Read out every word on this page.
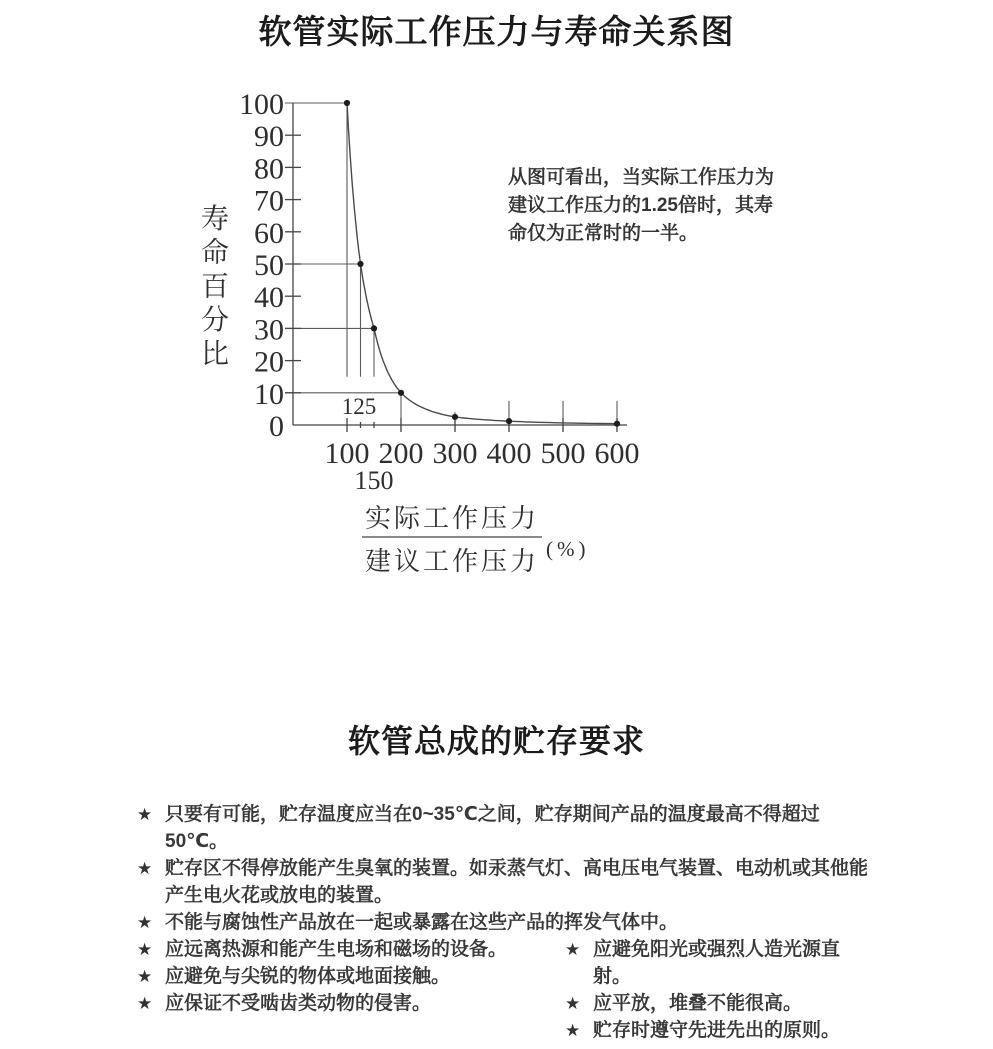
软管实际工作压力与寿命关系图
0
10
20
30
40
50
60
70
80
90
100
100 200 300 400 500 600
150
125
寿
命
百
分
比
实际工作压力
建议工作压力 (%)
从图可看出，当实际工作压力为
建议工作压力的1.25倍时，其寿
命仅为正常时的一半。
软管总成的贮存要求
★ 只要有可能，贮存温度应当在0~35℃之间，贮存期间产品的温度最高不得超过50℃。
★ 贮存区不得停放能产生臭氧的装置。如汞蒸气灯、高电压电气装置、电动机或其他能
产生电火花或放电的装置。
★ 不能与腐蚀性产品放在一起或暴露在这些产品的挥发气体中。
★ 应远离热源和能产生电场和磁场的设备。
★ 应避免与尖锐的物体或地面接触。
★ 应保证不受啮齿类动物的侵害。
★ 应避免阳光或强烈人造光源直射。
★ 应平放，堆叠不能很高。
★ 贮存时遵守先进先出的原则。
